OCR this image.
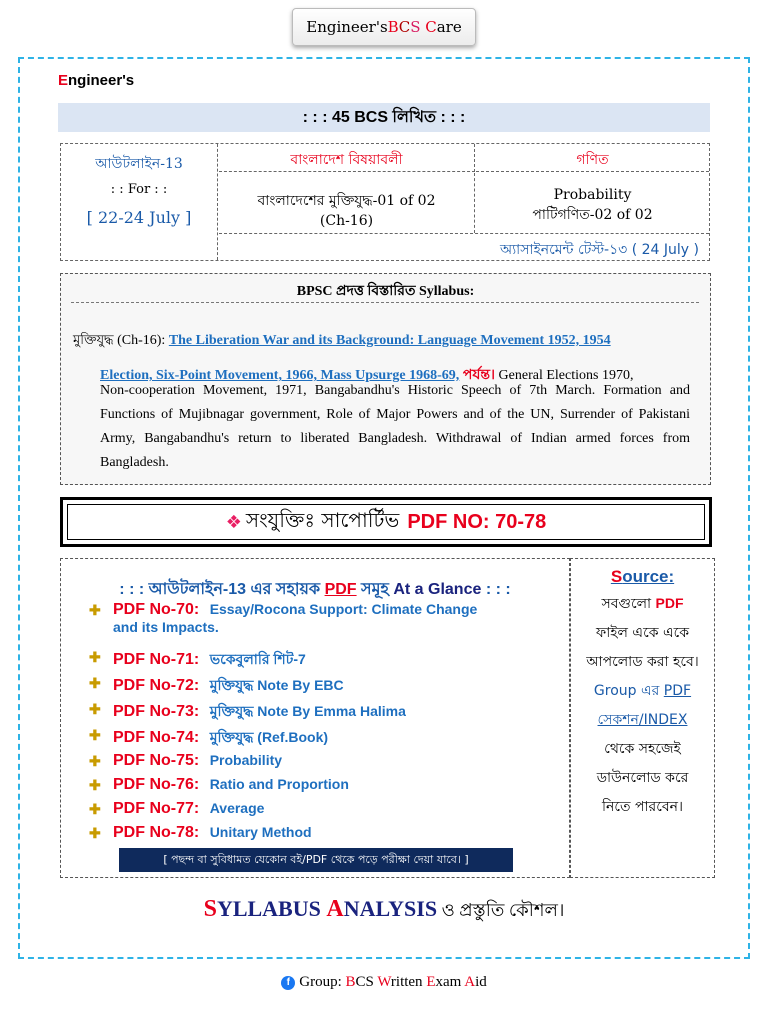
Engineer's B C S
C are
Engineer's
: : : 45 BCS লিখিত : : :
আউটলাইন-13
: : For : :
[ 22-24 July ]
বাংলাদেশ বিষয়াবলী	গণিত
বাংলাদেশের মুক্তিযুদ্ধ-01 of 02
(Ch-16)
Probability
পাটিগণিত-02 of 02
অ্যাসাইনমেন্ট টেস্ট-১৩ ( 24 July )
BPSC প্রদত্ত বিস্তারিত Syllabus:
মুক্তিযুদ্ধ (Ch-16): The Liberation War and its Background: Language Movement 1952, 1954
Election, Six-Point Movement, 1966, Mass Upsurge 1968-69, পর্যন্ত। General Elections 1970,
Non-cooperation Movement, 1971, Bangabandhu's Historic Speech of 7th March. Formation and Functions of Mujibnagar government, Role of Major Powers and of the UN, Surrender of Pakistani Army, Bangabandhu's return to liberated Bangladesh. Withdrawal of Indian armed forces from Bangladesh.
❖ সংযুক্তিঃ
সাপোর্টিভ PDF NO: 70-78
: : : আউটলাইন-13 এর সহায়ক PDF সমূহ At a Glance : : :
✚ PDF No-70: Essay/Rocona Support: Climate Change
and its Impacts.
✚ PDF No-71: ভকেবুলারি শিট-7
✚ PDF No-72: মুক্তিযুদ্ধ Note By EBC
✚ PDF No-73: মুক্তিযুদ্ধ Note By Emma Halima
✚ PDF No-74: মুক্তিযুদ্ধ (Ref.Book)
✚ PDF No-75: Probability
✚ PDF No-76: Ratio and Proportion
✚ PDF No-77: Average
✚ PDF No-78: Unitary Method
[ পছন্দ বা সুবিধামত যেকোন বই/PDF থেকে পড়ে পরীক্ষা দেয়া যাবে। ]
Source:
সবগুলো PDF
ফাইল একে একে
আপলোড করা হবে।
Group এর PDF
সেকশন/INDEX
থেকে সহজেই
ডাউনলোড করে
নিতে পারবেন।
SYLLABUS ANALYSIS ও প্রস্তুতি কৌশল।
f Group: BCS Written Exam Aid
